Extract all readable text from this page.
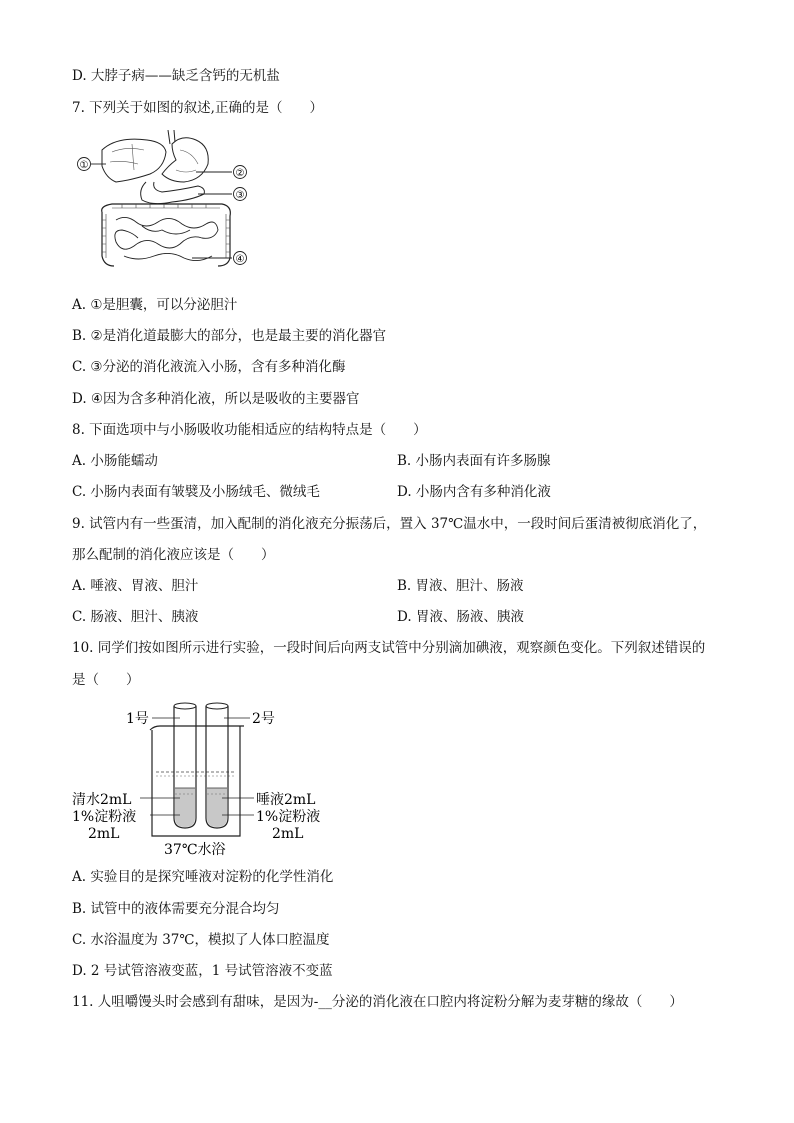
D. 大脖子病——缺乏含钙的无机盐
7. 下列关于如图的叙述,正确的是（　　）
①
②
③
④
A. ①是胆囊，可以分泌胆汁
B. ②是消化道最膨大的部分，也是最主要的消化器官
C. ③分泌的消化液流入小肠，含有多种消化酶
D. ④因为含多种消化液，所以是吸收的主要器官
8. 下面选项中与小肠吸收功能相适应的结构特点是（　　）
A. 小肠能蠕动	B. 小肠内表面有许多肠腺
C. 小肠内表面有皱襞及小肠绒毛、微绒毛	D. 小肠内含有多种消化液
9. 试管内有一些蛋清，加入配制的消化液充分振荡后，置入 37℃温水中，一段时间后蛋清被彻底消化了，
那么配制的消化液应该是（　　）
A. 唾液、胃液、胆汁	B. 胃液、胆汁、肠液
C. 肠液、胆汁、胰液	D. 胃液、肠液、胰液
10. 同学们按如图所示进行实验，一段时间后向两支试管中分别滴加碘液，观察颜色变化。下列叙述错误的
是（　　）
1号	2号
清水2mL
1%淀粉液
2mL
唾液2mL
1%淀粉液
2mL
37℃水浴
A. 实验目的是探究唾液对淀粉的化学性消化
B. 试管中的液体需要充分混合均匀
C. 水浴温度为 37℃，模拟了人体口腔温度
D. 2 号试管溶液变蓝，1 号试管溶液不变蓝
11. 人咀嚼馒头时会感到有甜味，是因为-__分泌的消化液在口腔内将淀粉分解为麦芽糖的缘故（　　）
